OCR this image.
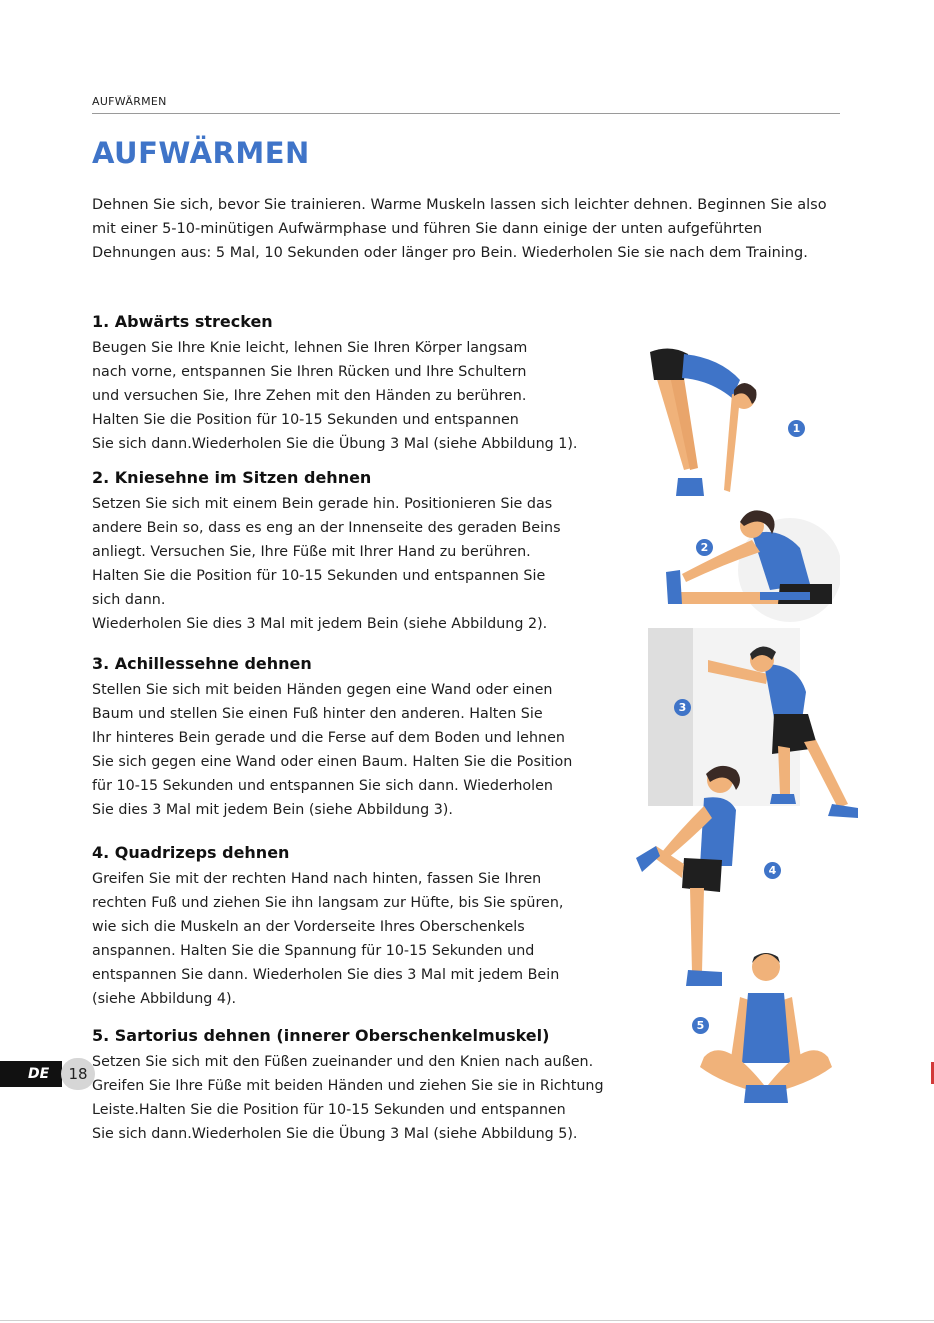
AUFWÄRMEN
AUFWÄRMEN

Dehnen Sie sich, bevor Sie trainieren. Warme Muskeln lassen sich leichter dehnen. Beginnen Sie also mit einer 5-10-minütigen Aufwärmphase und führen Sie dann einige der unten aufgeführten Dehnungen aus: 5 Mal, 10 Sekunden oder länger pro Bein. Wiederholen Sie sie nach dem Training.

1. Abwärts strecken

Beugen Sie Ihre Knie leicht, lehnen Sie Ihren Körper langsam
nach vorne, entspannen Sie Ihren Rücken und Ihre Schultern
und versuchen Sie, Ihre Zehen mit den Händen zu berühren.
Halten Sie die Position für 10-15 Sekunden und entspannen
Sie sich dann.Wiederholen Sie die Übung 3 Mal (siehe Abbildung 1).

2. Kniesehne im Sitzen dehnen

Setzen Sie sich mit einem Bein gerade hin. Positionieren Sie das
andere Bein so, dass es eng an der Innenseite des geraden Beins
anliegt. Versuchen Sie, Ihre Füße mit Ihrer Hand zu berühren.
Halten Sie die Position für 10-15 Sekunden und entspannen Sie
sich dann.
Wiederholen Sie dies 3 Mal mit jedem Bein (siehe Abbildung 2).

3. Achillessehne dehnen

Stellen Sie sich mit beiden Händen gegen eine Wand oder einen
Baum und stellen Sie einen Fuß hinter den anderen. Halten Sie
Ihr hinteres Bein gerade und die Ferse auf dem Boden und lehnen
Sie sich gegen eine Wand oder einen Baum. Halten Sie die Position
für 10-15 Sekunden und entspannen Sie sich dann. Wiederholen
Sie dies 3 Mal mit jedem Bein (siehe Abbildung 3).

4. Quadrizeps dehnen

Greifen Sie mit der rechten Hand nach hinten, fassen Sie Ihren
rechten Fuß und ziehen Sie ihn langsam zur Hüfte, bis Sie spüren,
wie sich die Muskeln an der Vorderseite Ihres Oberschenkels
anspannen. Halten Sie die Spannung für 10-15 Sekunden und
entspannen Sie dann. Wiederholen Sie dies 3 Mal mit jedem Bein
(siehe Abbildung 4).

5. Sartorius dehnen (innerer Oberschenkelmuskel)

Setzen Sie sich mit den Füßen zueinander und den Knien nach außen.
Greifen Sie Ihre Füße mit beiden Händen und ziehen Sie sie in Richtung
Leiste.Halten Sie die Position für 10-15 Sekunden und entspannen
Sie sich dann.Wiederholen Sie die Übung 3 Mal (siehe Abbildung 5).

1
2
3
4
5
DE	18
